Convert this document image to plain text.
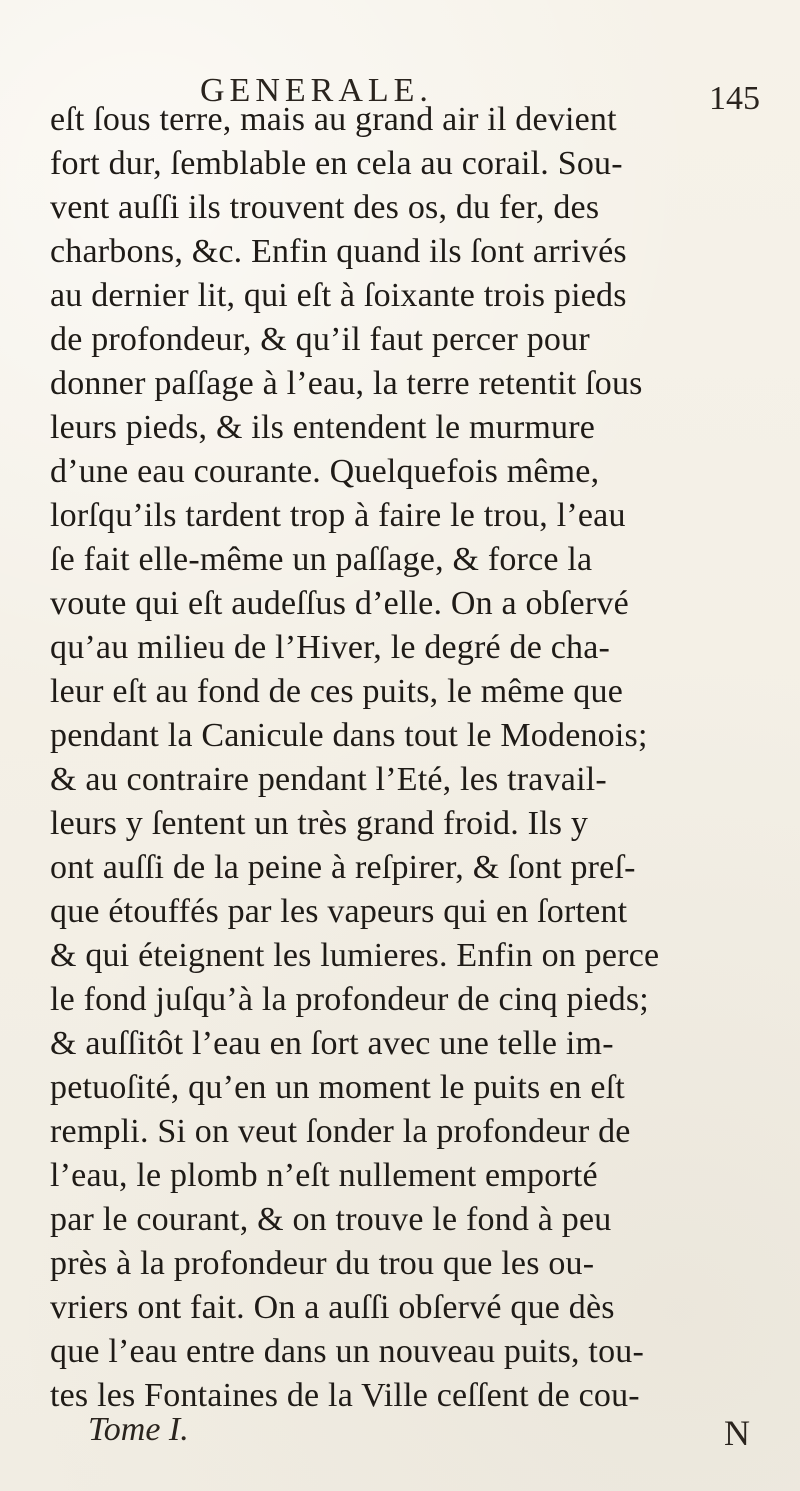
GENERALE.	145
eſt ſous terre, mais au grand air il devient
fort dur, ſemblable en cela au corail. Sou-
vent auſſi ils trouvent des os, du fer, des
charbons, &c. Enfin quand ils ſont arrivés
au dernier lit, qui eſt à ſoixante trois pieds
de profondeur, & qu’il faut percer pour
donner paſſage à l’eau, la terre retentit ſous
leurs pieds, & ils entendent le murmure
d’une eau courante. Quelquefois même,
lorſqu’ils tardent trop à faire le trou, l’eau
ſe fait elle-même un paſſage, & force la
voute qui eſt audeſſus d’elle. On a obſervé
qu’au milieu de l’Hiver, le degré de cha-
leur eſt au fond de ces puits, le même que
pendant la Canicule dans tout le Modenois;
& au contraire pendant l’Eté, les travail-
leurs y ſentent un très grand froid. Ils y
ont auſſi de la peine à reſpirer, & ſont preſ-
que étouffés par les vapeurs qui en ſortent
& qui éteignent les lumieres. Enfin on perce
le fond juſqu’à la profondeur de cinq pieds;
& auſſitôt l’eau en ſort avec une telle im-
petuoſité, qu’en un moment le puits en eſt
rempli. Si on veut ſonder la profondeur de
l’eau, le plomb n’eſt nullement emporté
par le courant, & on trouve le fond à peu
près à la profondeur du trou que les ou-
vriers ont fait. On a auſſi obſervé que dès
que l’eau entre dans un nouveau puits, tou-
tes les Fontaines de la Ville ceſſent de cou-
Tome I.	N
